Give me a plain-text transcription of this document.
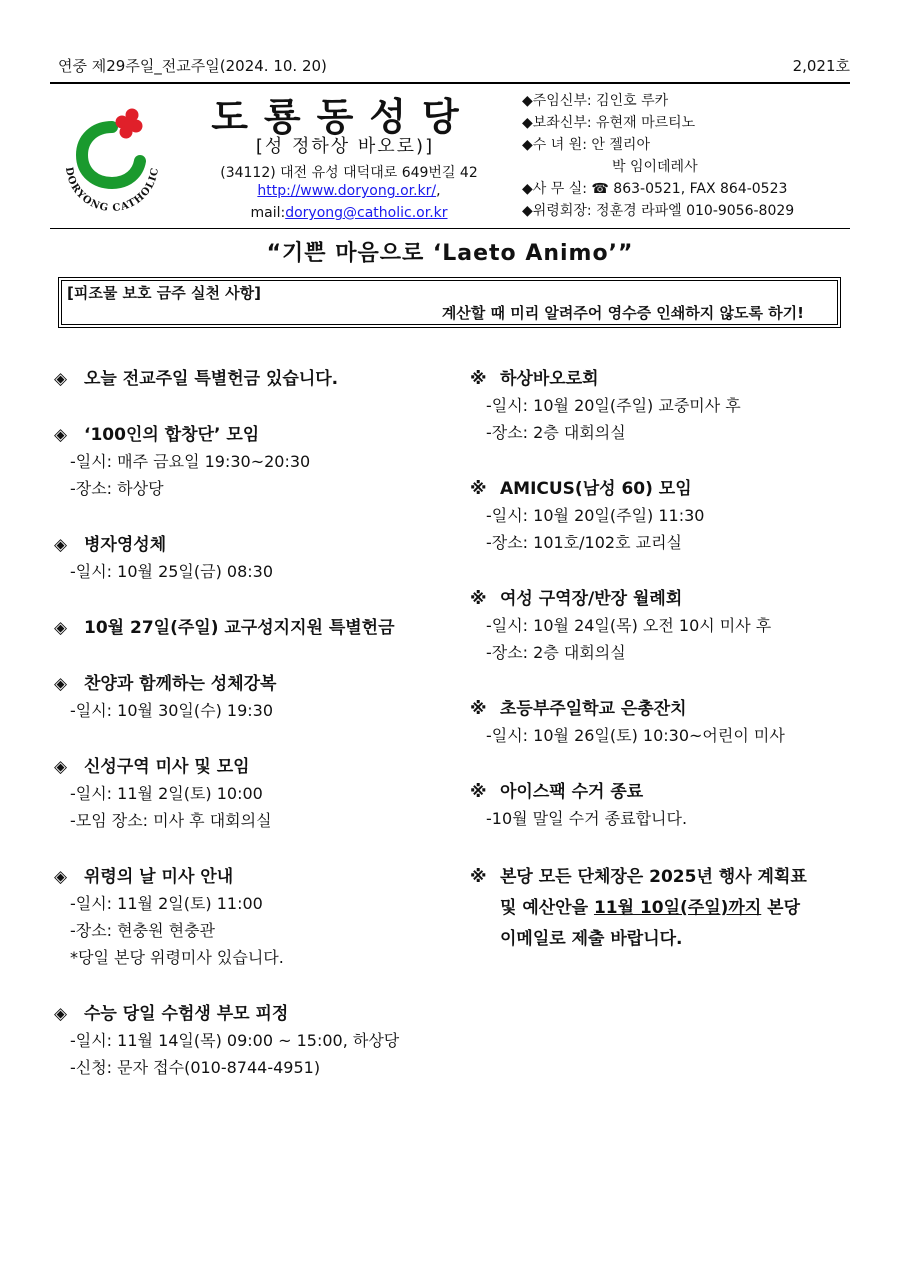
연중 제29주일_전교주일(2024. 10. 20)	2,021호
DORYONG CATHOLIC
도룡동성당
[성 정하상 바오로)]
(34112) 대전 유성 대덕대로 649번길 42
http://www.doryong.or.kr/,
mail:doryong@catholic.or.kr
◆주임신부: 김인호 루카
◆보좌신부: 유현재 마르티노
◆수 녀 원: 안 젤리아
박 임이데레사
◆사 무 실: ☎ 863-0521, FAX 864-0523
◆위령회장: 정훈경 라파엘 010-9056-8029
“기쁜 마음으로 ‘Laeto Animo’”
[피조물 보호 금주 실천 사항]
계산할 때 미리 알려주어 영수증 인쇄하지 않도록 하기!
◈ 오늘 전교주일 특별헌금 있습니다.
◈ ‘100인의 합창단’ 모임
-일시: 매주 금요일 19:30~20:30
-장소: 하상당
◈ 병자영성체
-일시: 10월 25일(금) 08:30
◈ 10월 27일(주일) 교구성지지원 특별헌금
◈ 찬양과 함께하는 성체강복
-일시: 10월 30일(수) 19:30
◈ 신성구역 미사 및 모임
-일시: 11월 2일(토) 10:00
-모임 장소: 미사 후 대회의실
◈ 위령의 날 미사 안내
-일시: 11월 2일(토) 11:00
-장소: 현충원 현충관
*당일 본당 위령미사 있습니다.
◈ 수능 당일 수험생 부모 피정
-일시: 11월 14일(목) 09:00 ~ 15:00, 하상당
-신청: 문자 접수(010-8744-4951)
※ 하상바오로회
-일시: 10월 20일(주일) 교중미사 후
-장소: 2층 대회의실
※ AMICUS(남성 60) 모임
-일시: 10월 20일(주일) 11:30
-장소: 101호/102호 교리실
※ 여성 구역장/반장 월례회
-일시: 10월 24일(목) 오전 10시 미사 후
-장소: 2층 대회의실
※ 초등부주일학교 은총잔치
-일시: 10월 26일(토) 10:30~어린이 미사
※ 아이스팩 수거 종료
-10월 말일 수거 종료합니다.
※ 본당 모든 단체장은 2025년 행사 계획표
및 예산안을 11월 10일(주일)까지 본당
이메일로 제출 바랍니다.
